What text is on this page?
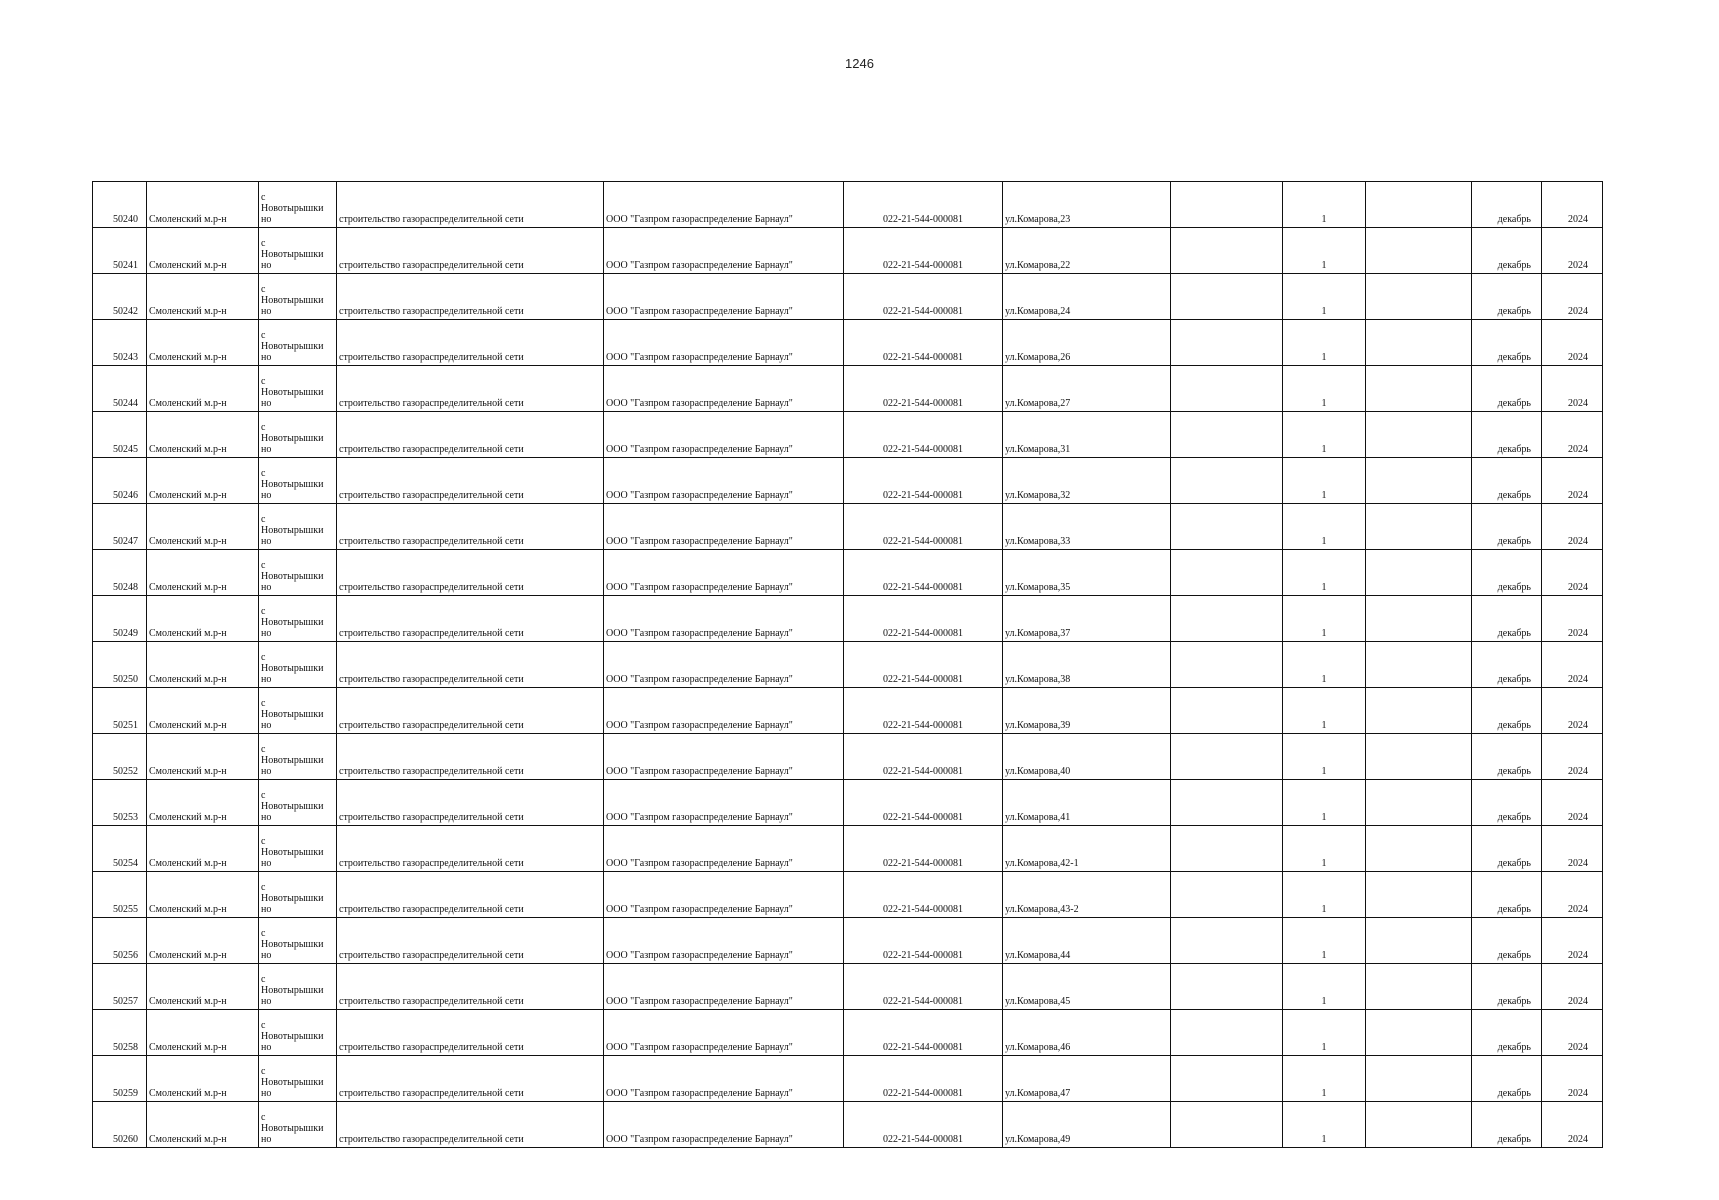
1246
50240	Смоленский м.р-н	с
Новотырышки
но	строительство газораспределительной сети	ООО "Газпром газораспределение Барнаул"	022-21-544-000081	ул.Комарова,23		1		декабрь	2024
50241	Смоленский м.р-н	с
Новотырышки
но	строительство газораспределительной сети	ООО "Газпром газораспределение Барнаул"	022-21-544-000081	ул.Комарова,22		1		декабрь	2024
50242	Смоленский м.р-н	с
Новотырышки
но	строительство газораспределительной сети	ООО "Газпром газораспределение Барнаул"	022-21-544-000081	ул.Комарова,24		1		декабрь	2024
50243	Смоленский м.р-н	с
Новотырышки
но	строительство газораспределительной сети	ООО "Газпром газораспределение Барнаул"	022-21-544-000081	ул.Комарова,26		1		декабрь	2024
50244	Смоленский м.р-н	с
Новотырышки
но	строительство газораспределительной сети	ООО "Газпром газораспределение Барнаул"	022-21-544-000081	ул.Комарова,27		1		декабрь	2024
50245	Смоленский м.р-н	с
Новотырышки
но	строительство газораспределительной сети	ООО "Газпром газораспределение Барнаул"	022-21-544-000081	ул.Комарова,31		1		декабрь	2024
50246	Смоленский м.р-н	с
Новотырышки
но	строительство газораспределительной сети	ООО "Газпром газораспределение Барнаул"	022-21-544-000081	ул.Комарова,32		1		декабрь	2024
50247	Смоленский м.р-н	с
Новотырышки
но	строительство газораспределительной сети	ООО "Газпром газораспределение Барнаул"	022-21-544-000081	ул.Комарова,33		1		декабрь	2024
50248	Смоленский м.р-н	с
Новотырышки
но	строительство газораспределительной сети	ООО "Газпром газораспределение Барнаул"	022-21-544-000081	ул.Комарова,35		1		декабрь	2024
50249	Смоленский м.р-н	с
Новотырышки
но	строительство газораспределительной сети	ООО "Газпром газораспределение Барнаул"	022-21-544-000081	ул.Комарова,37		1		декабрь	2024
50250	Смоленский м.р-н	с
Новотырышки
но	строительство газораспределительной сети	ООО "Газпром газораспределение Барнаул"	022-21-544-000081	ул.Комарова,38		1		декабрь	2024
50251	Смоленский м.р-н	с
Новотырышки
но	строительство газораспределительной сети	ООО "Газпром газораспределение Барнаул"	022-21-544-000081	ул.Комарова,39		1		декабрь	2024
50252	Смоленский м.р-н	с
Новотырышки
но	строительство газораспределительной сети	ООО "Газпром газораспределение Барнаул"	022-21-544-000081	ул.Комарова,40		1		декабрь	2024
50253	Смоленский м.р-н	с
Новотырышки
но	строительство газораспределительной сети	ООО "Газпром газораспределение Барнаул"	022-21-544-000081	ул.Комарова,41		1		декабрь	2024
50254	Смоленский м.р-н	с
Новотырышки
но	строительство газораспределительной сети	ООО "Газпром газораспределение Барнаул"	022-21-544-000081	ул.Комарова,42-1		1		декабрь	2024
50255	Смоленский м.р-н	с
Новотырышки
но	строительство газораспределительной сети	ООО "Газпром газораспределение Барнаул"	022-21-544-000081	ул.Комарова,43-2		1		декабрь	2024
50256	Смоленский м.р-н	с
Новотырышки
но	строительство газораспределительной сети	ООО "Газпром газораспределение Барнаул"	022-21-544-000081	ул.Комарова,44		1		декабрь	2024
50257	Смоленский м.р-н	с
Новотырышки
но	строительство газораспределительной сети	ООО "Газпром газораспределение Барнаул"	022-21-544-000081	ул.Комарова,45		1		декабрь	2024
50258	Смоленский м.р-н	с
Новотырышки
но	строительство газораспределительной сети	ООО "Газпром газораспределение Барнаул"	022-21-544-000081	ул.Комарова,46		1		декабрь	2024
50259	Смоленский м.р-н	с
Новотырышки
но	строительство газораспределительной сети	ООО "Газпром газораспределение Барнаул"	022-21-544-000081	ул.Комарова,47		1		декабрь	2024
50260	Смоленский м.р-н	с
Новотырышки
но	строительство газораспределительной сети	ООО "Газпром газораспределение Барнаул"	022-21-544-000081	ул.Комарова,49		1		декабрь	2024
